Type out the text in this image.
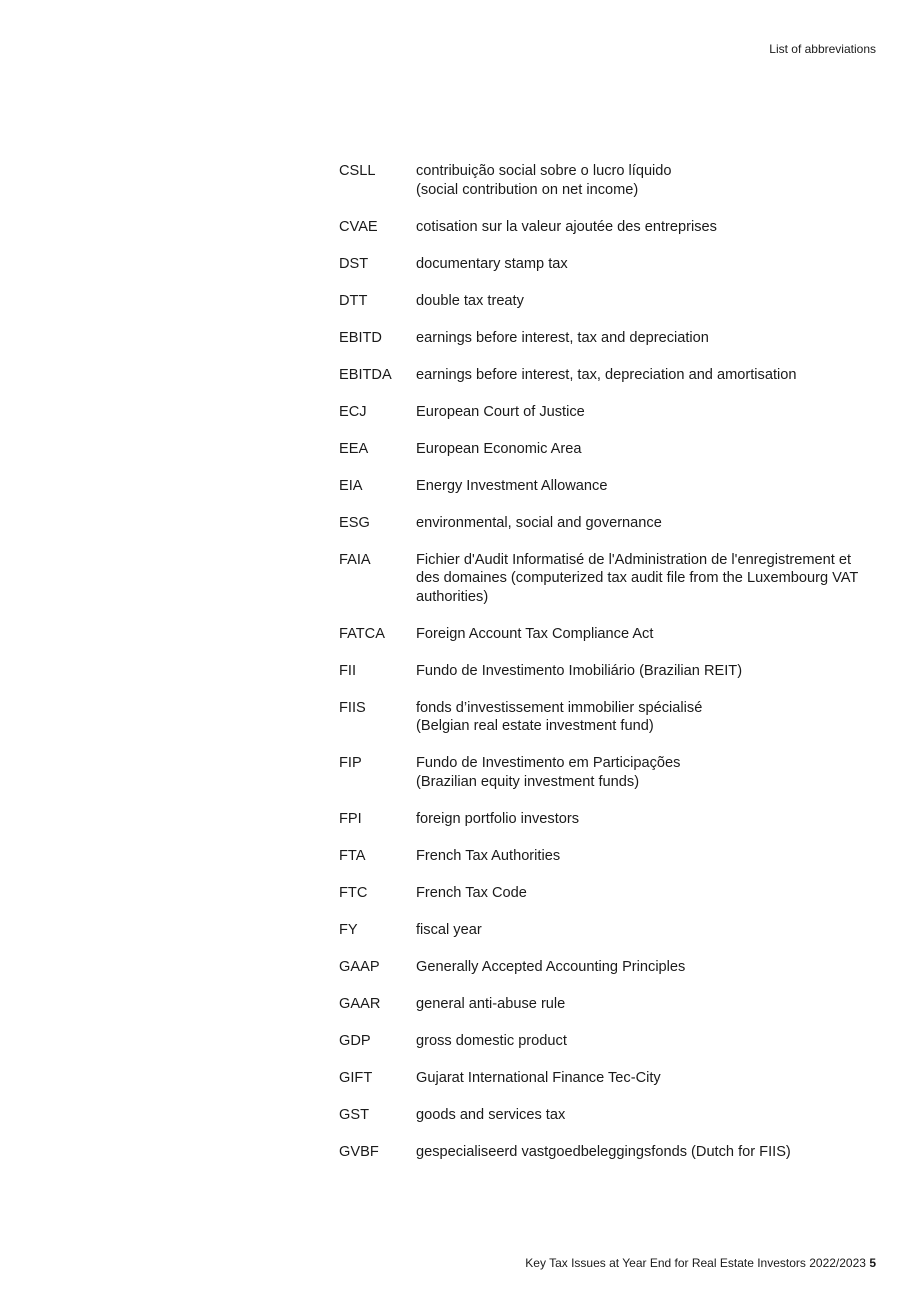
List of abbreviations
CSLL	contribuição social sobre o lucro líquido
(social contribution on net income)
CVAE	cotisation sur la valeur ajoutée des entreprises
DST	documentary stamp tax
DTT	double tax treaty
EBITD	earnings before interest, tax and depreciation
EBITDA	earnings before interest, tax, depreciation and amortisation
ECJ	European Court of Justice
EEA	European Economic Area
EIA	Energy Investment Allowance
ESG	environmental, social and governance
FAIA	Fichier d'Audit Informatisé de l'Administration de l'enregistrement et
des domaines (computerized tax audit file from the Luxembourg VAT
authorities)
FATCA	Foreign Account Tax Compliance Act
FII	Fundo de Investimento Imobiliário (Brazilian REIT)
FIIS	fonds d’investissement immobilier spécialisé
(Belgian real estate investment fund)
FIP	Fundo de Investimento em Participações
(Brazilian equity investment funds)
FPI	foreign portfolio investors
FTA	French Tax Authorities
FTC	French Tax Code
FY	fiscal year
GAAP	Generally Accepted Accounting Principles
GAAR	general anti-abuse rule
GDP	gross domestic product
GIFT	Gujarat International Finance Tec-City
GST	goods and services tax
GVBF	gespecialiseerd vastgoedbeleggingsfonds (Dutch for FIIS)
Key Tax Issues at Year End for Real Estate Investors 2022/2023 5
